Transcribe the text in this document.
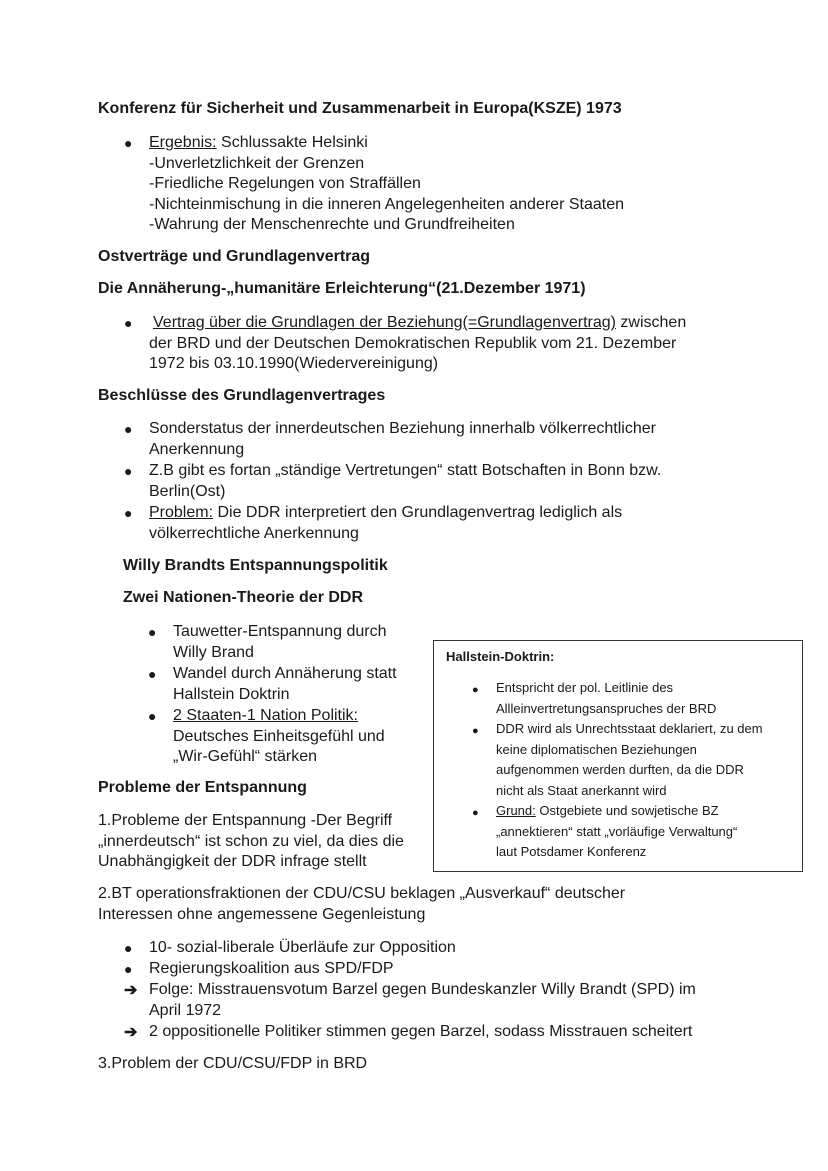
Konferenz für Sicherheit und Zusammenarbeit in Europa(KSZE) 1973
● Ergebnis: Schlussakte Helsinki
-Unverletzlichkeit der Grenzen
-Friedliche Regelungen von Straffällen
-Nichteinmischung in die inneren Angelegenheiten anderer Staaten
-Wahrung der Menschenrechte und Grundfreiheiten
Ostverträge und Grundlagenvertrag
Die Annäherung-„humanitäre Erleichterung“(21.Dezember 1971)
● Vertrag über die Grundlagen der Beziehung(=Grundlagenvertrag) zwischen
der BRD und der Deutschen Demokratischen Republik vom 21. Dezember
1972 bis 03.10.1990(Wiedervereinigung)
Beschlüsse des Grundlagenvertrages
● Sonderstatus der innerdeutschen Beziehung innerhalb völkerrechtlicher
Anerkennung
● Z.B gibt es fortan „ständige Vertretungen“ statt Botschaften in Bonn bzw.
Berlin(Ost)
● Problem: Die DDR interpretiert den Grundlagenvertrag lediglich als
völkerrechtliche Anerkennung
Willy Brandts Entspannungspolitik
Zwei Nationen-Theorie der DDR
● Tauwetter-Entspannung durch
Willy Brand
● Wandel durch Annäherung statt
Hallstein Doktrin
● 2 Staaten-1 Nation Politik:
Deutsches Einheitsgefühl und
„Wir-Gefühl“ stärken
Hallstein-Doktrin:
● Entspricht der pol. Leitlinie des
Allleinvertretungsanspruches der BRD
● DDR wird als Unrechtsstaat deklariert, zu dem
keine diplomatischen Beziehungen
aufgenommen werden durften, da die DDR
nicht als Staat anerkannt wird
● Grund: Ostgebiete und sowjetische BZ
„annektieren“ statt „vorläufige Verwaltung“
laut Potsdamer Konferenz
Probleme der Entspannung
1.Probleme der Entspannung -Der Begriff
„innerdeutsch“ ist schon zu viel, da dies die
Unabhängigkeit der DDR infrage stellt
2.BT operationsfraktionen der CDU/CSU beklagen „Ausverkauf“ deutscher
Interessen ohne angemessene Gegenleistung
● 10- sozial-liberale Überläufe zur Opposition
● Regierungskoalition aus SPD/FDP
➔ Folge: Misstrauensvotum Barzel gegen Bundeskanzler Willy Brandt (SPD) im
April 1972
➔ 2 oppositionelle Politiker stimmen gegen Barzel, sodass Misstrauen scheitert
3.Problem der CDU/CSU/FDP in BRD
